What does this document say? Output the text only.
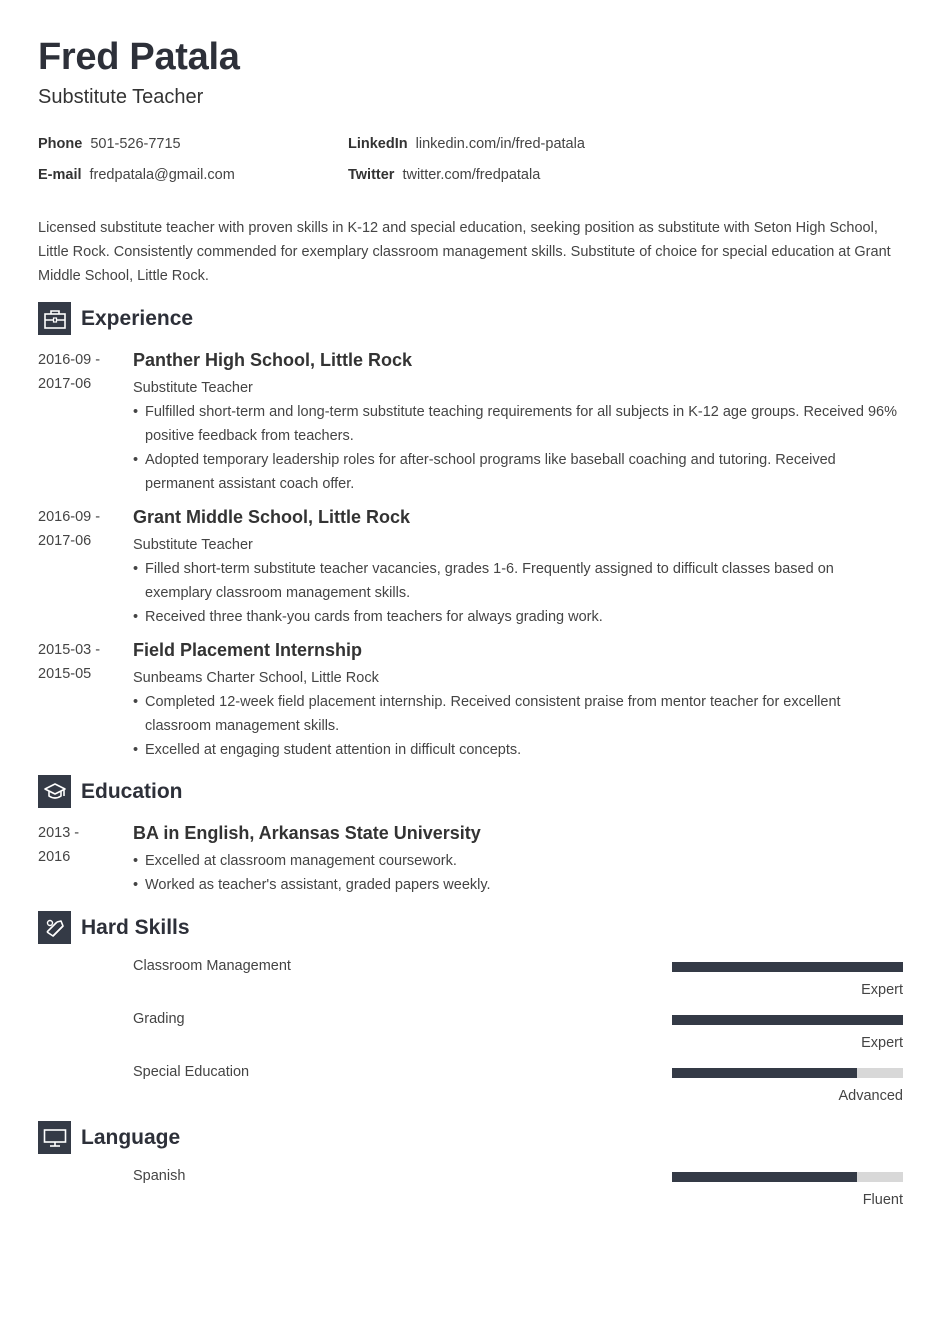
Fred Patala
Substitute Teacher
Phone 501-526-7715
E-mail fredpatala@gmail.com
LinkedIn linkedin.com/in/fred-patala
Twitter twitter.com/fredpatala
Licensed substitute teacher with proven skills in K-12 and special education, seeking position as substitute with Seton High School, Little Rock. Consistently commended for exemplary classroom management skills. Substitute of choice for special education at Grant Middle School, Little Rock.
Experience
2016-09 -
2017-06
Panther High School, Little Rock
Substitute Teacher
• Fulfilled short-term and long-term substitute teaching requirements for all subjects in K-12 age groups. Received 96% positive feedback from teachers.
• Adopted temporary leadership roles for after-school programs like baseball coaching and tutoring. Received permanent assistant coach offer.
2016-09 -
2017-06
Grant Middle School, Little Rock
Substitute Teacher
• Filled short-term substitute teacher vacancies, grades 1-6. Frequently assigned to difficult classes based on exemplary classroom management skills.
• Received three thank-you cards from teachers for always grading work.
2015-03 -
2015-05
Field Placement Internship
Sunbeams Charter School, Little Rock
• Completed 12-week field placement internship. Received consistent praise from mentor teacher for excellent classroom management skills.
• Excelled at engaging student attention in difficult concepts.
Education
2013 -
2016
BA in English, Arkansas State University
• Excelled at classroom management coursework.
• Worked as teacher's assistant, graded papers weekly.
Hard Skills
Classroom Management
Expert
Grading
Expert
Special Education
Advanced
Language
Spanish
Fluent
